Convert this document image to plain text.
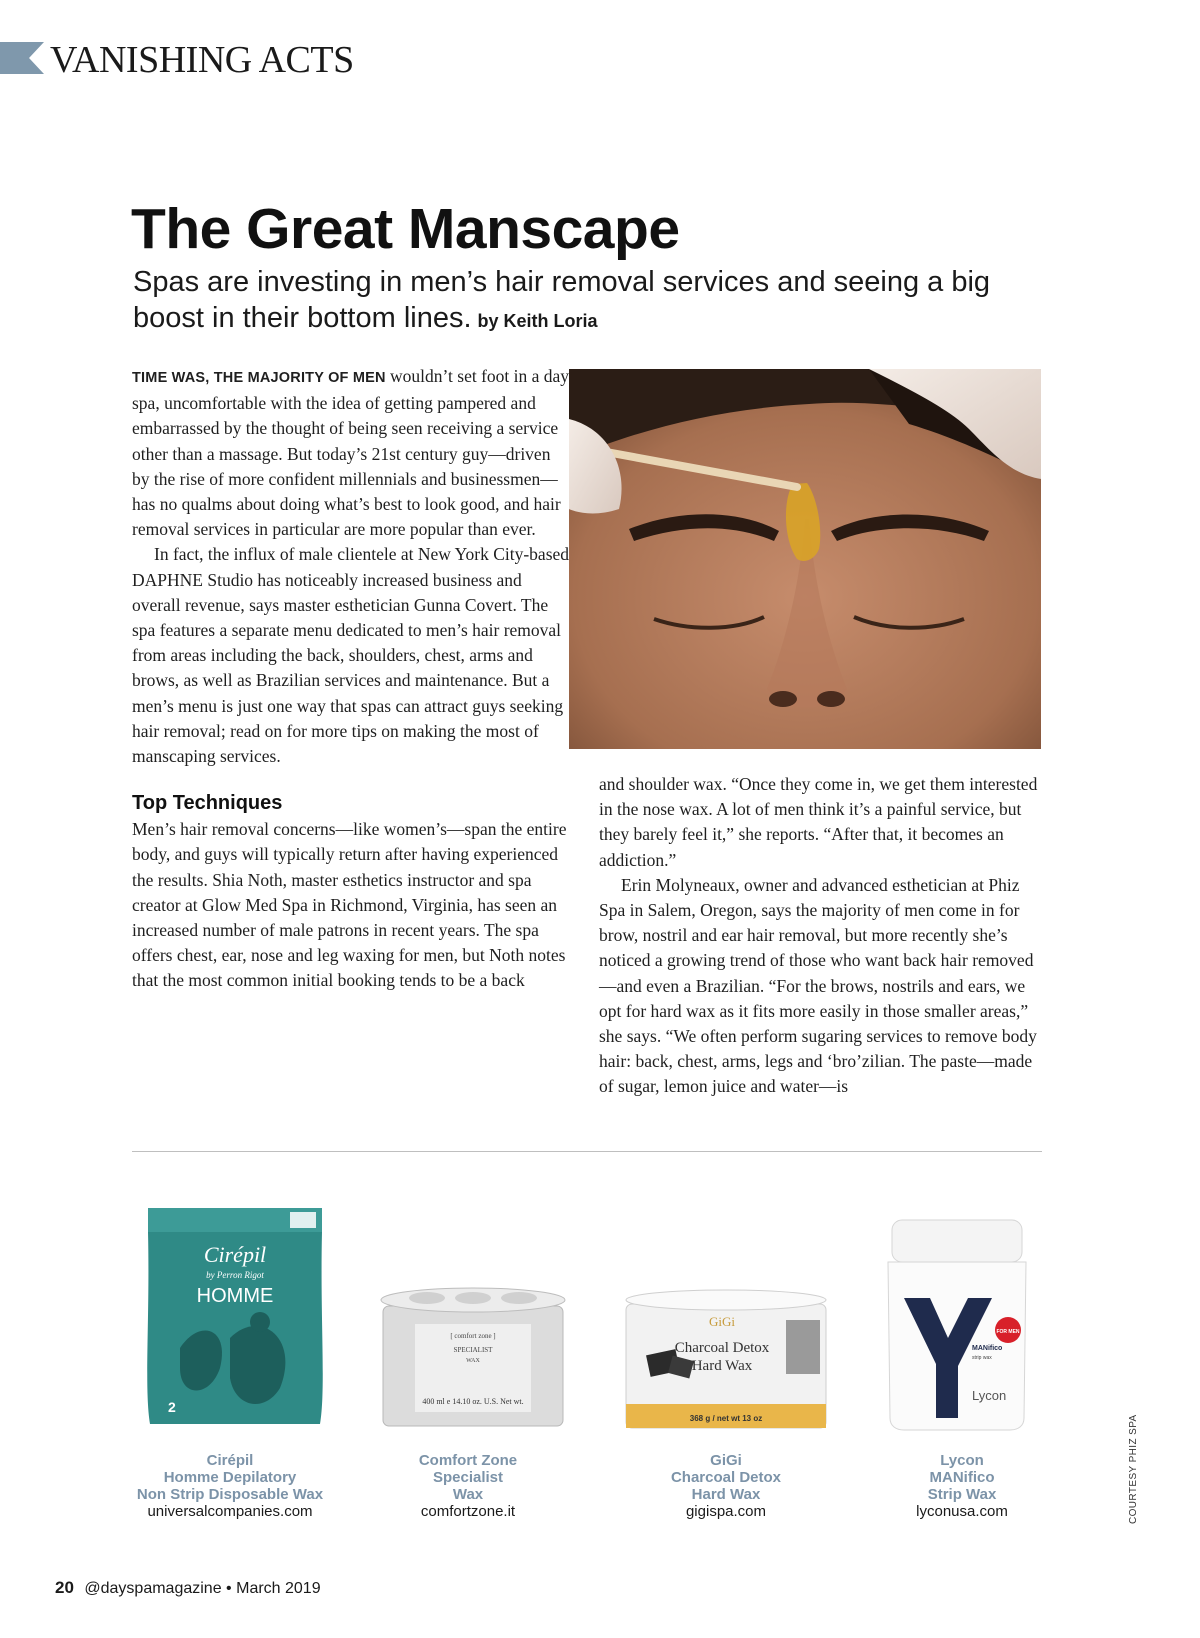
VANISHING ACTS
The Great Manscape
Spas are investing in men’s hair removal services and seeing a big boost in their bottom lines. by Keith Loria

TIME WAS, THE MAJORITY OF MEN wouldn’t set foot in a day spa, uncomfortable with the idea of getting pampered and embarrassed by the thought of being seen receiving a service other than a massage. But today’s 21st century guy—driven by the rise of more confident millennials and businessmen—has no qualms about doing what’s best to look good, and hair removal services in particular are more popular than ever.

In fact, the influx of male clientele at New York City-based DAPHNE Studio has noticeably increased business and overall revenue, says master esthetician Gunna Covert. The spa features a separate menu dedicated to men’s hair removal from areas including the back, shoulders, chest, arms and brows, as well as Brazilian services and maintenance. But a men’s menu is just one way that spas can attract guys seeking hair removal; read on for more tips on making the most of manscaping services.

Top Techniques

Men’s hair removal concerns—like women’s—span the entire body, and guys will typically return after having experienced the results. Shia Noth, master esthetics instructor and spa creator at Glow Med Spa in Richmond, Virginia, has seen an increased number of male patrons in recent years. The spa offers chest, ear, nose and leg waxing for men, but Noth notes that the most common initial booking tends to be a back

and shoulder wax. “Once they come in, we get them interested in the nose wax. A lot of men think it’s a painful service, but they barely feel it,” she reports. “After that, it becomes an addiction.”

Erin Molyneaux, owner and advanced esthetician at Phiz Spa in Salem, Oregon, says the majority of men come in for brow, nostril and ear hair removal, but more recently she’s noticed a growing trend of those who want back hair removed—and even a Brazilian. “For the brows, nostrils and ears, we opt for hard wax as it fits more easily in those smaller areas,” she says. “We often perform sugaring services to remove body hair: back, chest, arms, legs and ‘bro’zilian. The paste—made of sugar, lemon juice and water—is

Cirépil
by Perron Rigot
HOMME
2
[ comfort zone ]
SPECIALIST
WAX
400 ml e 14.10 oz. U.S. Net wt.
GiGi
Charcoal Detox
Hard Wax
368 g / net wt 13 oz
FOR MEN
MANifico
strip wax
Lycon
Cirépil
Homme Depilatory
Non Strip Disposable Wax
universalcompanies.com
Comfort Zone
Specialist
Wax
comfortzone.it
GiGi
Charcoal Detox
Hard Wax
gigispa.com
Lycon
MANifico
Strip Wax
lyconusa.com	COURTESY PHIZ SPA
20 @dayspamagazine • March 2019
